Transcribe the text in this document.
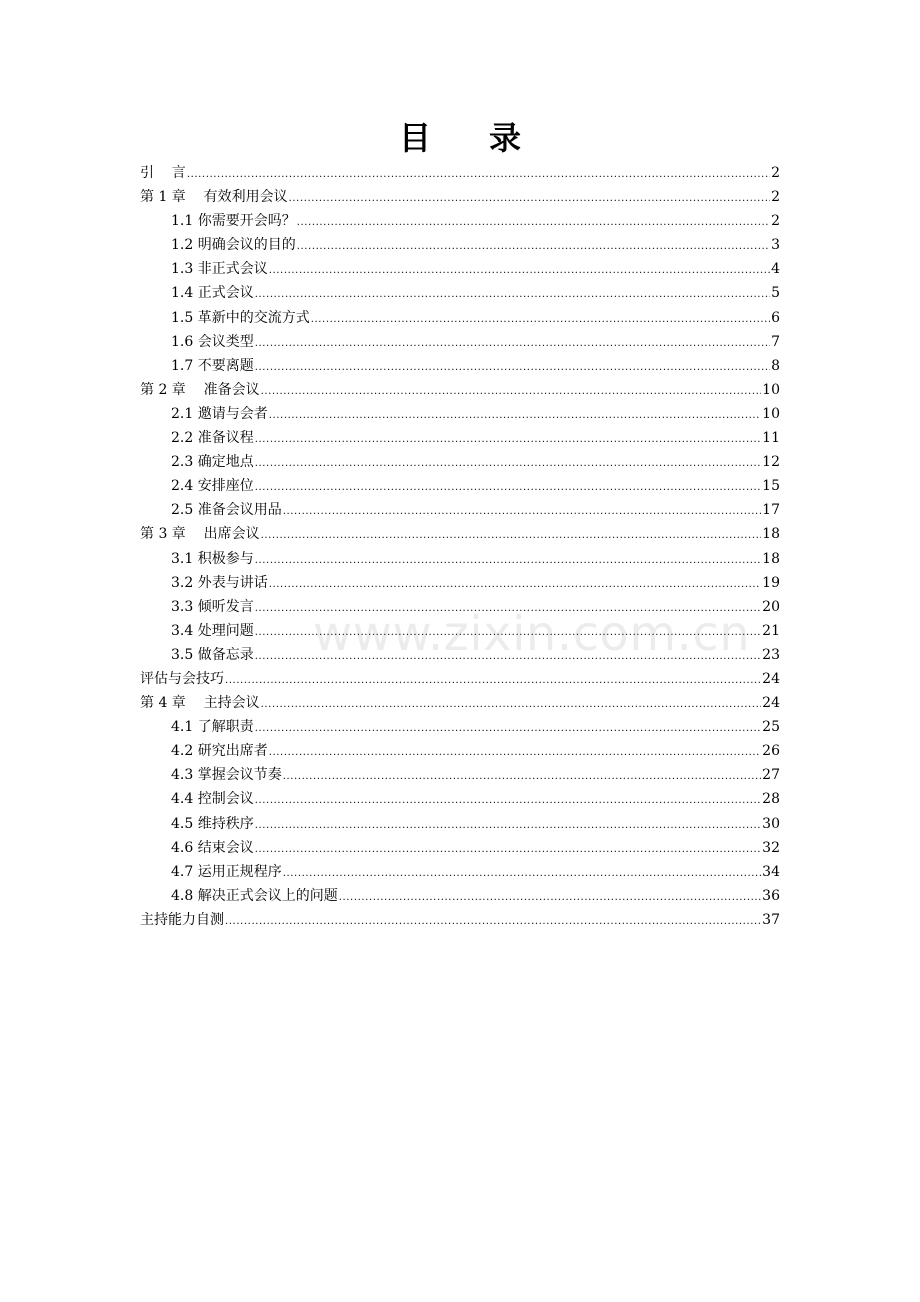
目 录
www.zixin.com.cn
引    言 .....	2
第 1 章    有效利用会议 .....	2
1.1 你需要开会吗？ .....	2
1.2 明确会议的目的 .....	3
1.3 非正式会议 .....	4
1.4 正式会议 .....	5
1.5 革新中的交流方式 .....	6
1.6 会议类型 .....	7
1.7 不要离题 .....	8
第 2 章    准备会议 .....	10
2.1 邀请与会者 .....	10
2.2 准备议程 .....	11
2.3 确定地点 .....	12
2.4 安排座位 .....	15
2.5 准备会议用品 .....	17
第 3 章    出席会议 .....	18
3.1 积极参与 .....	18
3.2 外表与讲话 .....	19
3.3 倾听发言 .....	20
3.4 处理问题 .....	21
3.5 做备忘录 .....	23
评估与会技巧 .....	24
第 4 章    主持会议 .....	24
4.1 了解职责 .....	25
4.2 研究出席者 .....	26
4.3 掌握会议节奏 .....	27
4.4 控制会议 .....	28
4.5 维持秩序 .....	30
4.6 结束会议 .....	32
4.7 运用正规程序 .....	34
4.8 解决正式会议上的问题 .....	36
主持能力自测 .....	37
